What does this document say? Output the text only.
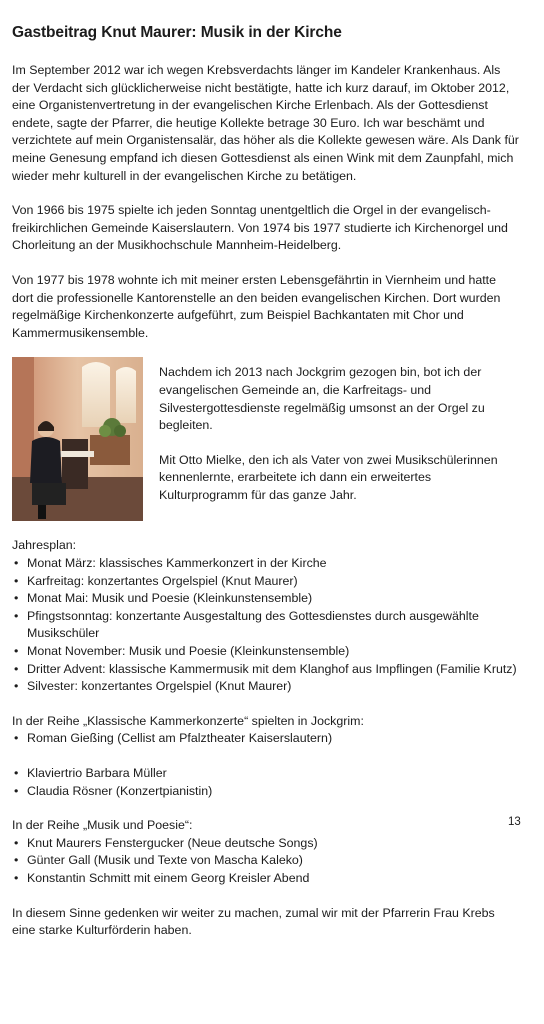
Gastbeitrag Knut Maurer: Musik in der Kirche

Im September 2012 war ich wegen Krebsverdachts länger im Kandeler Krankenhaus. Als der Verdacht sich glücklicherweise nicht bestätigte, hatte ich kurz darauf, im Oktober 2012, eine Organistenvertretung in der evangelischen Kirche Erlenbach. Als der Gottesdienst endete, sagte der Pfarrer, die heutige Kollekte betrage 30 Euro. Ich war beschämt und verzichtete auf mein Organistensalär, das höher als die Kollekte gewesen wäre. Als Dank für meine Genesung empfand ich diesen Gottesdienst als einen Wink mit dem Zaunpfahl, mich wieder mehr kulturell in der evangelischen Kirche zu betätigen.

Von 1966 bis 1975 spielte ich jeden Sonntag unentgeltlich die Orgel in der evangelisch-freikirchlichen Gemeinde Kaiserslautern. Von 1974 bis 1977 studierte ich Kirchenorgel und Chorleitung an der Musikhochschule Mannheim-Heidelberg.

Von 1977 bis 1978 wohnte ich mit meiner ersten Lebensgefährtin in Viernheim und hatte dort die professionelle Kantorenstelle an den beiden evangelischen Kirchen. Dort wurden regelmäßige Kirchenkonzerte aufgeführt, zum Beispiel Bachkantaten mit Chor und Kammermusikensemble.

Nachdem ich 2013 nach Jockgrim gezogen bin, bot ich der evangelischen Gemeinde an, die Karfreitags- und Silvestergottesdienste regelmäßig umsonst an der Orgel zu begleiten.

Mit Otto Mielke, den ich als Vater von zwei Musikschülerinnen kennenlernte, erarbeitete ich dann ein erweitertes Kulturprogramm für das ganze Jahr.

Jahresplan:

• Monat März: klassisches Kammerkonzert in der Kirche
• Karfreitag: konzertantes Orgelspiel (Knut Maurer)
• Monat Mai: Musik und Poesie (Kleinkunstensemble)
• Pfingstsonntag: konzertante Ausgestaltung des Gottesdienstes durch ausgewählte Musikschüler
• Monat November: Musik und Poesie (Kleinkunstensemble)
• Dritter Advent: klassische Kammermusik mit dem Klanghof aus Impflingen (Familie Krutz)
• Silvester: konzertantes Orgelspiel (Knut Maurer)

In der Reihe „Klassische Kammerkonzerte“ spielten in Jockgrim:

• Roman Gießing (Cellist am Pfalztheater Kaiserslautern)
• Klaviertrio Barbara Müller
• Claudia Rösner (Konzertpianistin)

In der Reihe „Musik und Poesie“:

• Knut Maurers Fenstergucker (Neue deutsche Songs)
• Günter Gall (Musik und Texte von Mascha Kaleko)
• Konstantin Schmitt mit einem Georg Kreisler Abend

In diesem Sinne gedenken wir weiter zu machen, zumal wir mit der Pfarrerin Frau Krebs eine starke Kulturförderin haben.

13
